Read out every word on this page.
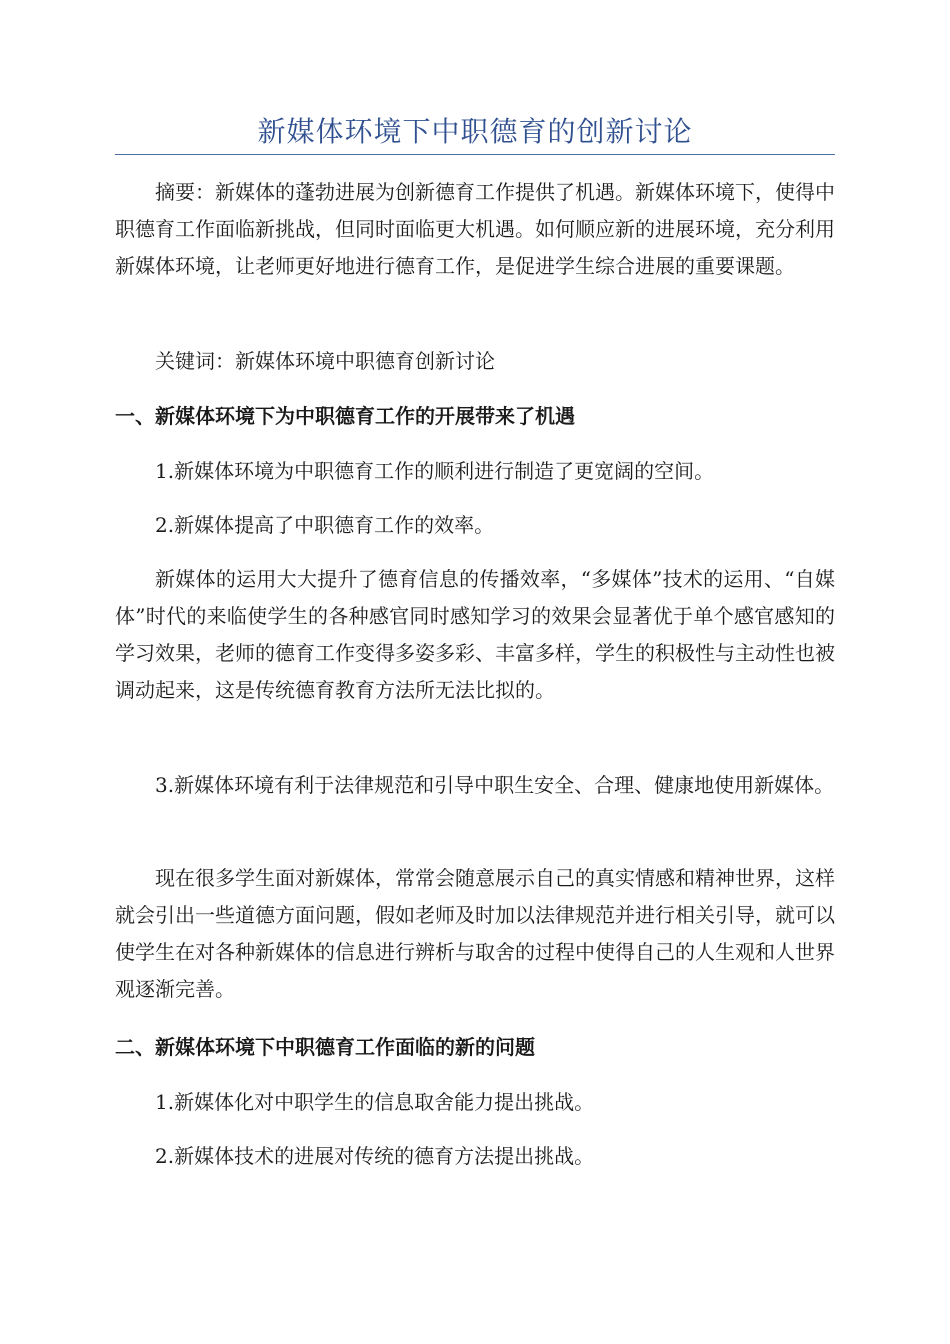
新媒体环境下中职德育的创新讨论

摘要：新媒体的蓬勃进展为创新德育工作提供了机遇。新媒体环境下，使得中职德育工作面临新挑战，但同时面临更大机遇。如何顺应新的进展环境，充分利用新媒体环境，让老师更好地进行德育工作，是促进学生综合进展的重要课题。

关键词：新媒体环境中职德育创新讨论

一、新媒体环境下为中职德育工作的开展带来了机遇

1.新媒体环境为中职德育工作的顺利进行制造了更宽阔的空间。

2.新媒体提高了中职德育工作的效率。

新媒体的运用大大提升了德育信息的传播效率，“多媒体”技术的运用、“自媒体”时代的来临使学生的各种感官同时感知学习的效果会显著优于单个感官感知的学习效果，老师的德育工作变得多姿多彩、丰富多样，学生的积极性与主动性也被调动起来，这是传统德育教育方法所无法比拟的。

3.新媒体环境有利于法律规范和引导中职生安全、合理、健康地使用新媒体。

现在很多学生面对新媒体，常常会随意展示自己的真实情感和精神世界，这样就会引出一些道德方面问题，假如老师及时加以法律规范并进行相关引导，就可以使学生在对各种新媒体的信息进行辨析与取舍的过程中使得自己的人生观和人世界观逐渐完善。

二、新媒体环境下中职德育工作面临的新的问题

1.新媒体化对中职学生的信息取舍能力提出挑战。

2.新媒体技术的进展对传统的德育方法提出挑战。
